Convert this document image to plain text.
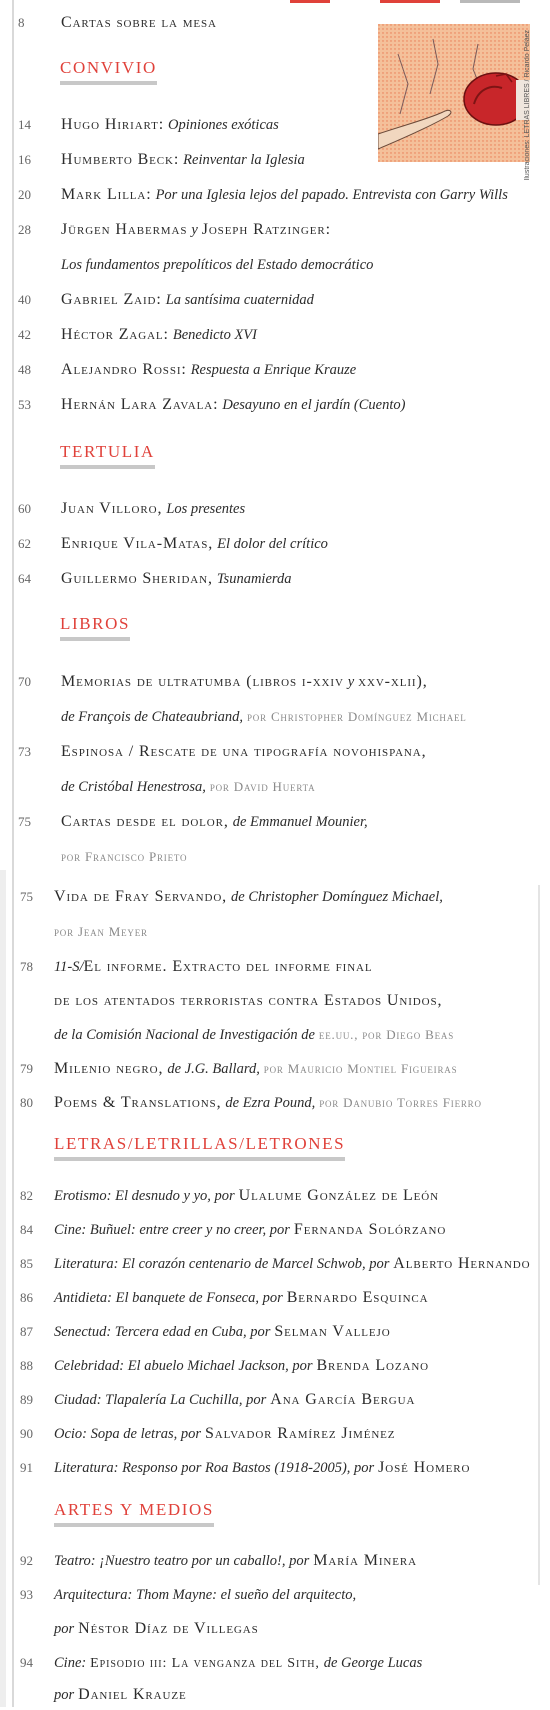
Ilustraciones: LETRAS LIBRES / Ricardo Peláez
8	Cartas sobre la mesa
CONVIVIO
14	Hugo Hiriart: Opiniones exóticas
16	Humberto Beck: Reinventar la Iglesia
20	Mark Lilla: Por una Iglesia lejos del papado. Entrevista con Garry Wills
28	Jürgen Habermas y Joseph Ratzinger:
Los fundamentos prepolíticos del Estado democrático
40	Gabriel Zaid: La santísima cuaternidad
42	Héctor Zagal: Benedicto XVI
48	Alejandro Rossi: Respuesta a Enrique Krauze
53	Hernán Lara Zavala: Desayuno en el jardín (Cuento)
TERTULIA
60	Juan Villoro, Los presentes
62	Enrique Vila-Matas, El dolor del crítico
64	Guillermo Sheridan, Tsunamierda
LIBROS
70	Memorias de ultratumba (libros i-xxiv y xxv-xlii),
de François de Chateaubriand, por Christopher Domínguez Michael
73	Espinosa / Rescate de una tipografía novohispana,
de Cristóbal Henestrosa, por David Huerta
75	Cartas desde el dolor, de Emmanuel Mounier,
por Francisco Prieto
75	Vida de Fray Servando, de Christopher Domínguez Michael,
por Jean Meyer
78	11-S/El informe. Extracto del informe final
de los atentados terroristas contra Estados Unidos,
de la Comisión Nacional de Investigación de ee.uu., por Diego Beas
79	Milenio negro, de J.G. Ballard, por Mauricio Montiel Figueiras
80	Poems & Translations, de Ezra Pound, por Danubio Torres Fierro
LETRAS/LETRILLAS/LETRONES
82	Erotismo: El desnudo y yo, por Ulalume González de León
84	Cine: Buñuel: entre creer y no creer, por Fernanda Solórzano
85	Literatura: El corazón centenario de Marcel Schwob, por Alberto Hernando
86	Antidieta: El banquete de Fonseca, por Bernardo Esquinca
87	Senectud: Tercera edad en Cuba, por Selman Vallejo
88	Celebridad: El abuelo Michael Jackson, por Brenda Lozano
89	Ciudad: Tlapalería La Cuchilla, por Ana García Bergua
90	Ocio: Sopa de letras, por Salvador Ramírez Jiménez
91	Literatura: Responso por Roa Bastos (1918-2005), por José Homero
ARTES Y MEDIOS
92	Teatro: ¡Nuestro teatro por un caballo!, por María Minera
93	Arquitectura: Thom Mayne: el sueño del arquitecto,
por Néstor Díaz de Villegas
94	Cine: Episodio iii: La venganza del Sith, de George Lucas
por Daniel Krauze
